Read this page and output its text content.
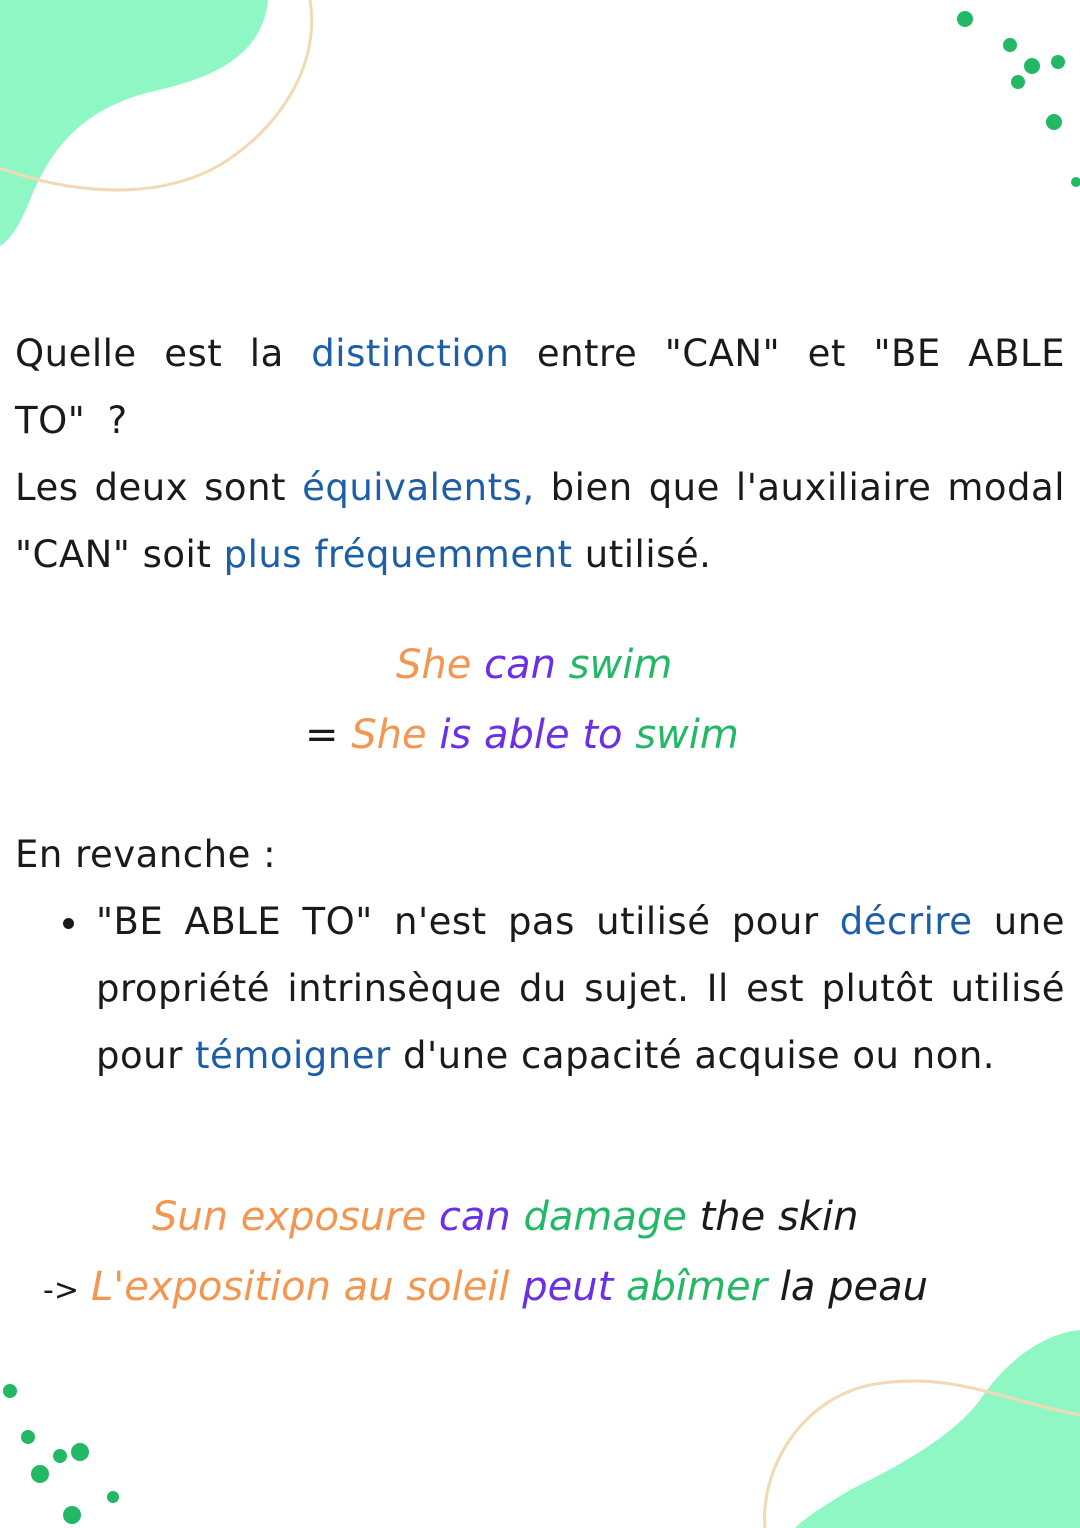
Quelle est la distinction entre "CAN" et "BE ABLE TO" ?

Les deux sont équivalents, bien que l'auxiliaire modal "CAN" soit plus fréquemment utilisé.

She can swim
= She is able to swim

En revanche :

"BE ABLE TO" n'est pas utilisé pour décrire une propriété intrinsèque du sujet. Il est plutôt utilisé pour témoigner d'une capacité acquise ou non.

Sun exposure can damage the skin
-> L'exposition au soleil peut abîmer la peau
